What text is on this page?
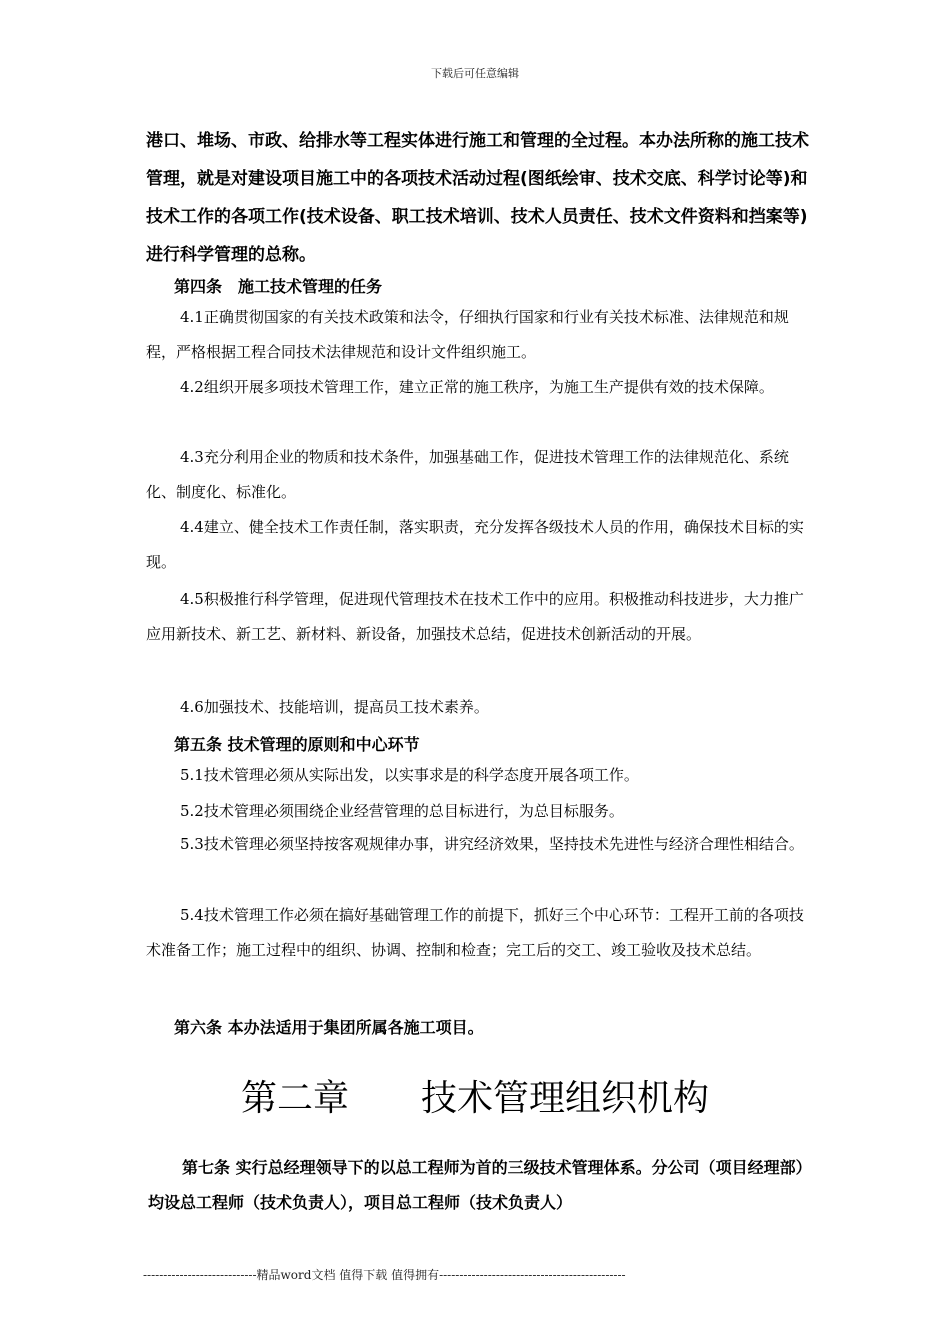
下载后可任意编辑
港口、堆场、市政、给排水等工程实体进行施工和管理的全过程。本办法所称的施工技术管理，就是对建设项目施工中的各项技术活动过程(图纸绘审、技术交底、科学讨论等)和技术工作的各项工作(技术设备、职工技术培训、技术人员责任、技术文件资料和挡案等)进行科学管理的总称。
第四条　施工技术管理的任务
4.1正确贯彻国家的有关技术政策和法令，仔细执行国家和行业有关技术标准、法律规范和规程，严格根据工程合同技术法律规范和设计文件组织施工。
4.2组织开展多项技术管理工作，建立正常的施工秩序，为施工生产提供有效的技术保障。
4.3充分利用企业的物质和技术条件，加强基础工作，促进技术管理工作的法律规范化、系统化、制度化、标准化。
4.4建立、健全技术工作责任制，落实职责，充分发挥各级技术人员的作用，确保技术目标的实现。
4.5积极推行科学管理，促进现代管理技术在技术工作中的应用。积极推动科技进步，大力推广应用新技术、新工艺、新材料、新设备，加强技术总结，促进技术创新活动的开展。
4.6加强技术、技能培训，提高员工技术素养。
第五条 技术管理的原则和中心环节
5.1技术管理必须从实际出发，以实事求是的科学态度开展各项工作。
5.2技术管理必须围绕企业经营管理的总目标进行，为总目标服务。
5.3技术管理必须坚持按客观规律办事，讲究经济效果，坚持技术先进性与经济合理性相结合。
5.4技术管理工作必须在搞好基础管理工作的前提下，抓好三个中心环节：工程开工前的各项技术准备工作；施工过程中的组织、协调、控制和检查；完工后的交工、竣工验收及技术总结。
第六条 本办法适用于集团所属各施工项目。
第二章　　技术管理组织机构
第七条 实行总经理领导下的以总工程师为首的三级技术管理体系。分公司（项目经理部）均设总工程师（技术负责人），项目总工程师（技术负责人）
----------------------------精品word文档 值得下载 值得拥有----------------------------------------------
